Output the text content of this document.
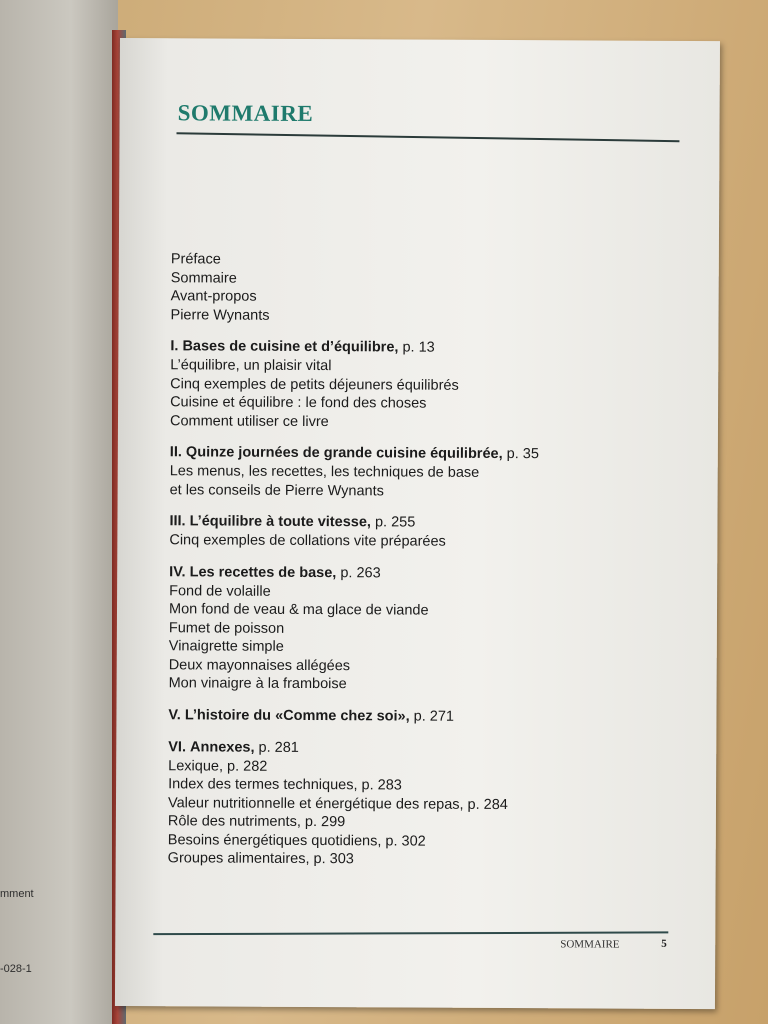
mment
-028-1
SOMMAIRE
Préface
Sommaire
Avant-propos
Pierre Wynants
I. Bases de cuisine et d’équilibre, p. 13
L’équilibre, un plaisir vital
Cinq exemples de petits déjeuners équilibrés
Cuisine et équilibre : le fond des choses
Comment utiliser ce livre
II. Quinze journées de grande cuisine équilibrée, p. 35
Les menus, les recettes, les techniques de base
et les conseils de Pierre Wynants
III. L’équilibre à toute vitesse, p. 255
Cinq exemples de collations vite préparées
IV. Les recettes de base, p. 263
Fond de volaille
Mon fond de veau & ma glace de viande
Fumet de poisson
Vinaigrette simple
Deux mayonnaises allégées
Mon vinaigre à la framboise
V. L’histoire du «Comme chez soi», p. 271
VI. Annexes, p. 281
Lexique, p. 282
Index des termes techniques, p. 283
Valeur nutritionnelle et énergétique des repas, p. 284
Rôle des nutriments, p. 299
Besoins énergétiques quotidiens, p. 302
Groupes alimentaires, p. 303
SOMMAIRE	5
